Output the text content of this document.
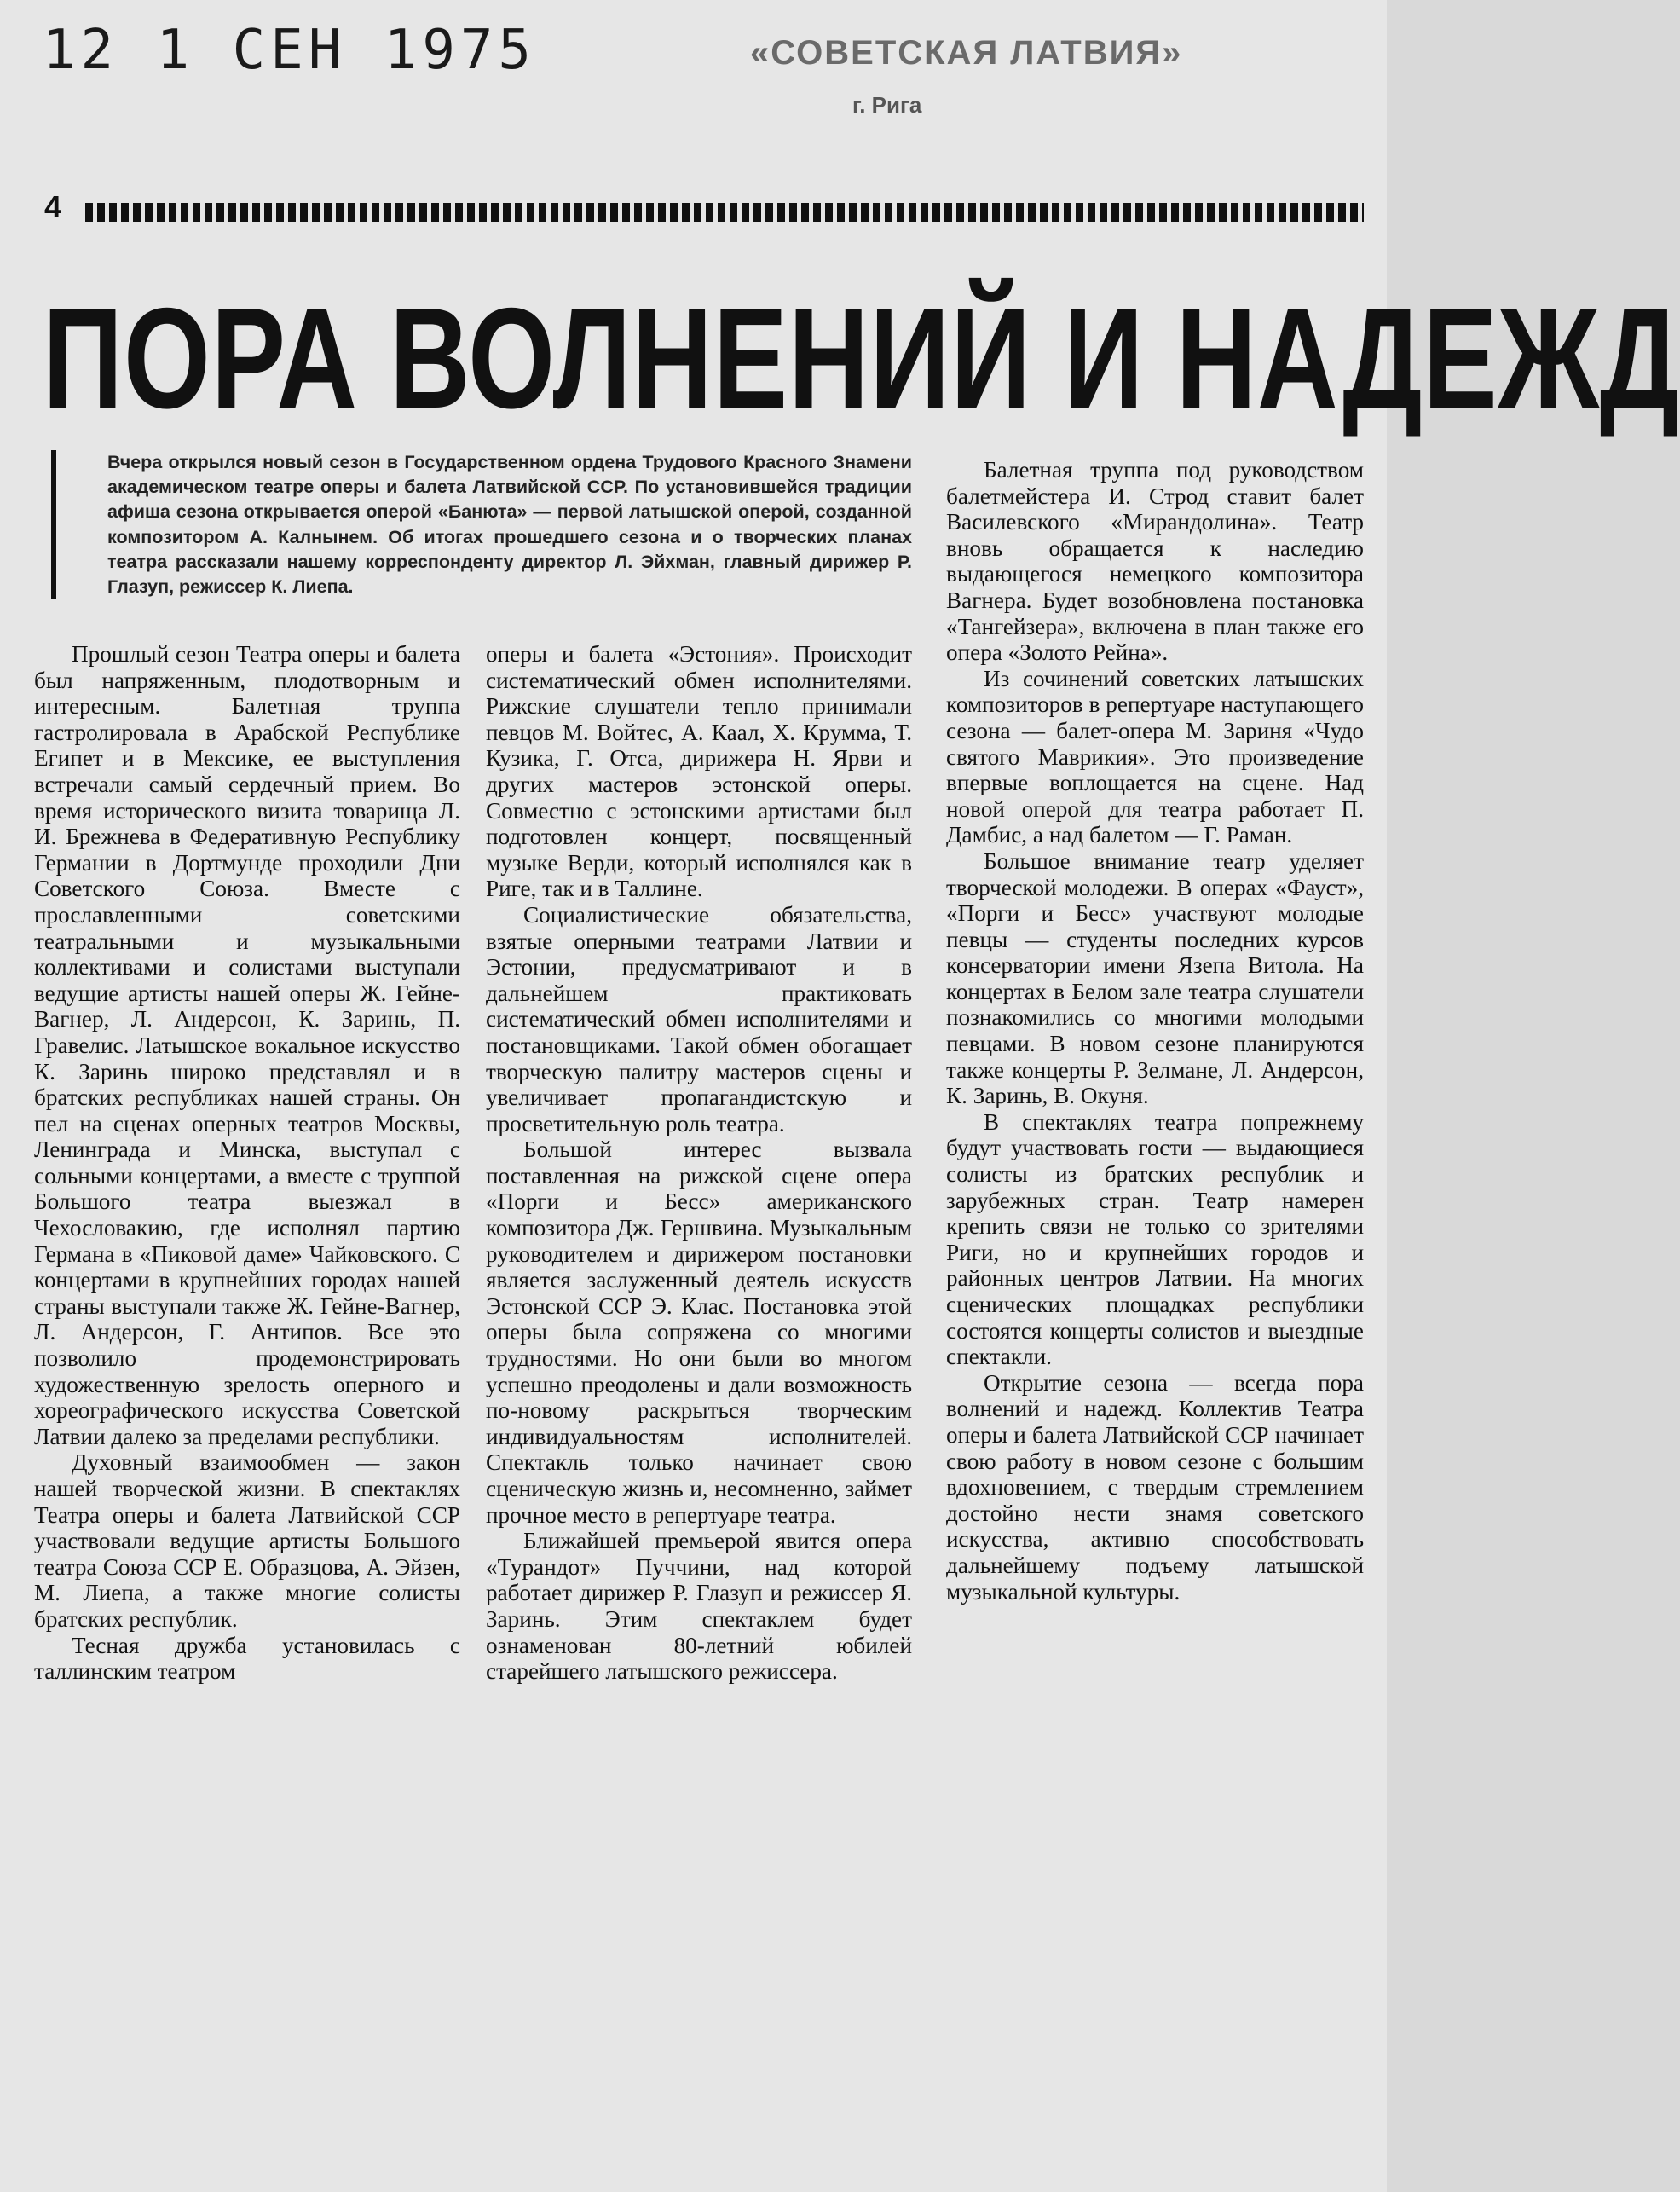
12 1 СЕН 1975	«СОВЕТСКАЯ ЛАТВИЯ»
г. Рига
4
ПОРА ВОЛНЕНИЙ И НАДЕЖД
Вчера открылся новый сезон в Государственном ордена Трудового Красного Знамени академическом театре оперы и балета Латвийской ССР. По установившейся традиции афиша сезона открывается оперой «Банюта» — первой латышской оперой, созданной композитором А. Калнынем. Об итогах прошедшего сезона и о творческих планах театра рассказали нашему корреспонденту директор Л. Эйхман, главный дирижер Р. Глазуп, режиссер К. Лиепа.

Прошлый сезон Театра оперы и балета был напряженным, плодотворным и интересным. Балетная труппа гастролировала в Арабской Республике Египет и в Мексике, ее выступления встречали самый сердечный прием. Во время исторического визита товарища Л. И. Брежнева в Федеративную Республику Германии в Дортмунде проходили Дни Советского Союза. Вместе с прославленными советскими театральными и музыкальными коллективами и солистами выступали ведущие артисты нашей оперы Ж. Гейне-Вагнер, Л. Андерсон, К. Заринь, П. Гравелис. Латышское вокальное искусство К. Заринь широко представлял и в братских республиках нашей страны. Он пел на сценах оперных театров Москвы, Ленинграда и Минска, выступал с сольными концертами, а вместе с труппой Большого театра выезжал в Чехословакию, где исполнял партию Германа в «Пиковой даме» Чайковского. С концертами в крупнейших городах нашей страны выступали также Ж. Гейне-Вагнер, Л. Андерсон, Г. Антипов. Все это позволило продемонстрировать художественную зрелость оперного и хореографического искусства Советской Латвии далеко за пределами республики.

Духовный взаимообмен — закон нашей творческой жизни. В спектаклях Театра оперы и балета Латвийской ССР участвовали ведущие артисты Большого театра Союза ССР Е. Образцова, А. Эйзен, М. Лиепа, а также многие солисты братских республик.

Тесная дружба установилась с таллинским театром

оперы и балета «Эстония». Происходит систематический обмен исполнителями. Рижские слушатели тепло принимали певцов М. Войтес, А. Каал, Х. Крумма, Т. Кузика, Г. Отса, дирижера Н. Ярви и других мастеров эстонской оперы. Совместно с эстонскими артистами был подготовлен концерт, посвященный музыке Верди, который исполнялся как в Риге, так и в Таллине.

Социалистические обязательства, взятые оперными театрами Латвии и Эстонии, предусматривают и в дальнейшем практиковать систематический обмен исполнителями и постановщиками. Такой обмен обогащает творческую палитру мастеров сцены и увеличивает пропагандистскую и просветительную роль театра.

Большой интерес вызвала поставленная на рижской сцене опера «Порги и Бесс» американского композитора Дж. Гершвина. Музыкальным руководителем и дирижером постановки является заслуженный деятель искусств Эстонской ССР Э. Клас. Постановка этой оперы была сопряжена со многими трудностями. Но они были во многом успешно преодолены и дали возможность по-новому раскрыться творческим индивидуальностям исполнителей. Спектакль только начинает свою сценическую жизнь и, несомненно, займет прочное место в репертуаре театра.

Ближайшей премьерой явится опера «Турандот» Пуччини, над которой работает дирижер Р. Глазуп и режиссер Я. Заринь. Этим спектаклем будет ознаменован 80-летний юбилей старейшего латышского режиссера.

Балетная труппа под руководством балетмейстера И. Строд ставит балет Василевского «Мирандолина». Театр вновь обращается к наследию выдающегося немецкого композитора Вагнера. Будет возобновлена постановка «Тангейзера», включена в план также его опера «Золото Рейна».

Из сочинений советских латышских композиторов в репертуаре наступающего сезона — балет-опера М. Зариня «Чудо святого Маврикия». Это произведение впервые воплощается на сцене. Над новой оперой для театра работает П. Дамбис, а над балетом — Г. Раман.

Большое внимание театр уделяет творческой молодежи. В операх «Фауст», «Порги и Бесс» участвуют молодые певцы — студенты последних курсов консерватории имени Язепа Витола. На концертах в Белом зале театра слушатели познакомились со многими молодыми певцами. В новом сезоне планируются также концерты Р. Зелмане, Л. Андерсон, К. Заринь, В. Окуня.

В спектаклях театра попрежнему будут участвовать гости — выдающиеся солисты из братских республик и зарубежных стран. Театр намерен крепить связи не только со зрителями Риги, но и крупнейших городов и районных центров Латвии. На многих сценических площадках республики состоятся концерты солистов и выездные спектакли.

Открытие сезона — всегда пора волнений и надежд. Коллектив Театра оперы и балета Латвийской ССР начинает свою работу в новом сезоне с большим вдохновением, с твердым стремлением достойно нести знамя советского искусства, активно способствовать дальнейшему подъему латышской музыкальной культуры.
